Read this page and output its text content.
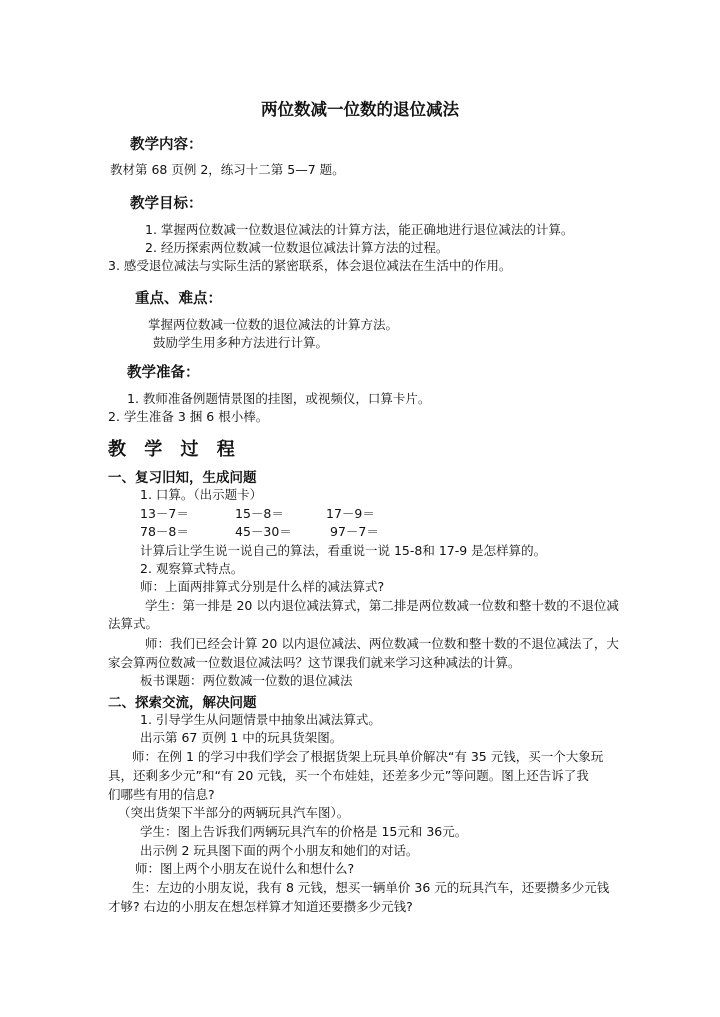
两位数减一位数的退位减法
教学内容：
教材第 68 页例 2，练习十二第 5—7 题。
教学目标：
1. 掌握两位数减一位数退位减法的计算方法，能正确地进行退位减法的计算。
2. 经历探索两位数减一位数退位减法计算方法的过程。
3. 感受退位减法与实际生活的紧密联系，体会退位减法在生活中的作用。
重点、难点：
掌握两位数减一位数的退位减法的计算方法。
鼓励学生用多种方法进行计算。
教学准备：
1. 教师准备例题情景图的挂图，或视频仪，口算卡片。
2. 学生准备 3 捆 6 根小棒。
教 学 过 程
一、复习旧知，生成问题
1. 口算。（出示题卡）
13－7＝	15－8＝	17－9＝
78－8＝	45－30＝	97－7＝
计算后让学生说一说自己的算法，看重说一说 15-8和 17-9 是怎样算的。
2. 观察算式特点。
师：上面两排算式分别是什么样的减法算式?
学生：第一排是 20 以内退位减法算式，第二排是两位数减一位数和整十数的不退位减
法算式。
师：我们已经会计算 20 以内退位减法、两位数减一位数和整十数的不退位减法了，大
家会算两位数减一位数退位减法吗？这节课我们就来学习这种减法的计算。
板书课题：两位数减一位数的退位减法
二、探索交流，解决问题
1. 引导学生从问题情景中抽象出减法算式。
出示第 67 页例 1 中的玩具货架图。
师：在例 1 的学习中我们学会了根据货架上玩具单价解决“有 35 元钱，买一个大象玩
具，还剩多少元”和“有 20 元钱，买一个布娃娃，还差多少元”等问题。图上还告诉了我
们哪些有用的信息?
（突出货架下半部分的两辆玩具汽车图）。
学生：图上告诉我们两辆玩具汽车的价格是 15元和 36元。
出示例 2 玩具图下面的两个小朋友和她们的对话。
师：图上两个小朋友在说什么和想什么?
生：左边的小朋友说，我有 8 元钱，想买一辆单价 36 元的玩具汽车，还要攒多少元钱
才够? 右边的小朋友在想怎样算才知道还要攒多少元钱?
